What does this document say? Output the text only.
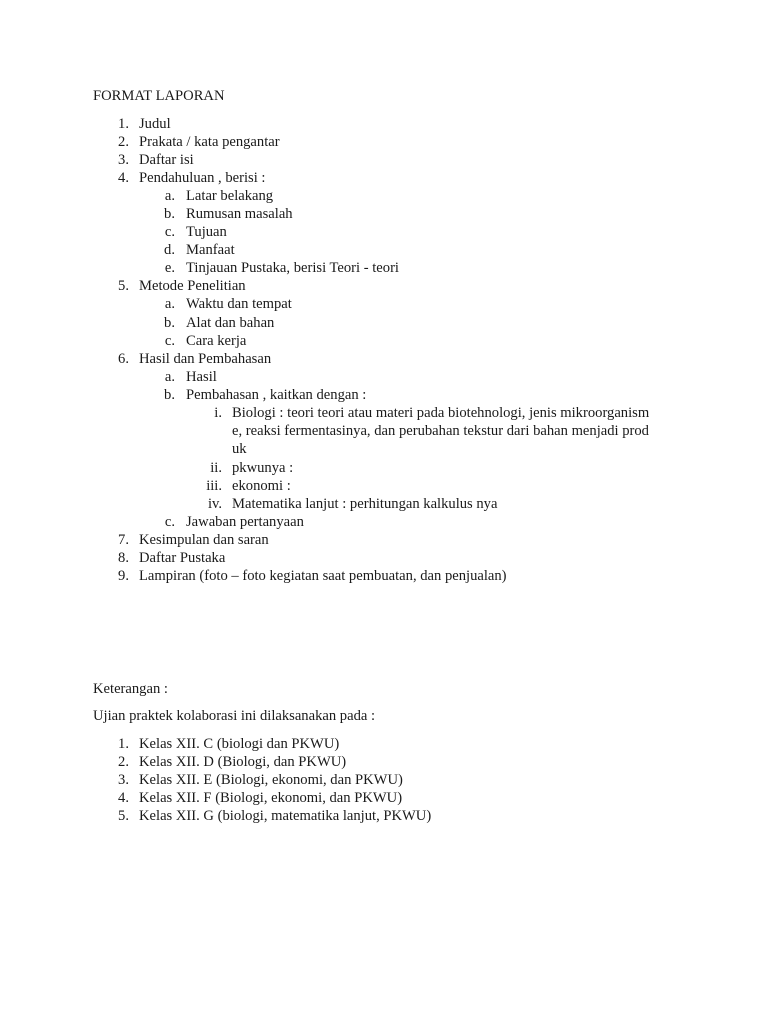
FORMAT LAPORAN
1. Judul
2. Prakata / kata pengantar
3. Daftar isi
4. Pendahuluan , berisi :
a. Latar belakang
b. Rumusan masalah
c. Tujuan
d. Manfaat
e. Tinjauan Pustaka, berisi Teori - teori
5. Metode Penelitian
a. Waktu dan tempat
b. Alat dan bahan
c. Cara kerja
6. Hasil dan Pembahasan
a. Hasil
b. Pembahasan , kaitkan dengan :
i. Biologi : teori teori atau materi pada biotehnologi, jenis mikroorganism
e, reaksi fermentasinya, dan perubahan tekstur dari bahan menjadi prod
uk
ii. pkwunya :
iii. ekonomi :
iv. Matematika lanjut : perhitungan kalkulus nya
c. Jawaban pertanyaan
7. Kesimpulan dan saran
8. Daftar Pustaka
9. Lampiran (foto – foto kegiatan saat pembuatan, dan penjualan)
Keterangan :
Ujian praktek kolaborasi ini dilaksanakan pada :
1. Kelas XII. C (biologi dan PKWU)
2. Kelas XII. D (Biologi, dan PKWU)
3. Kelas XII. E (Biologi, ekonomi, dan PKWU)
4. Kelas XII. F (Biologi, ekonomi, dan PKWU)
5. Kelas XII. G (biologi, matematika lanjut, PKWU)
